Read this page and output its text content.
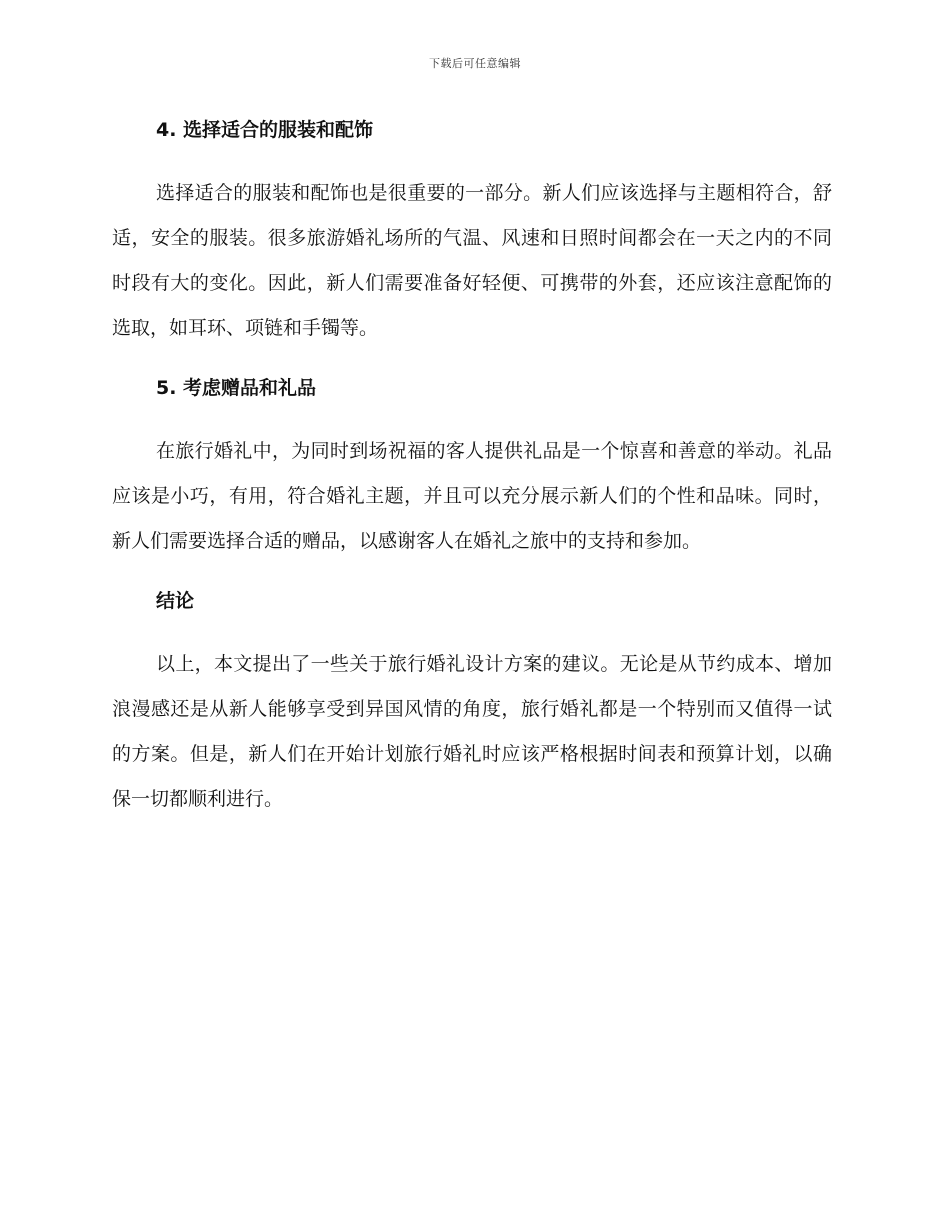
下载后可任意编辑
4. 选择适合的服装和配饰

选择适合的服装和配饰也是很重要的一部分。新人们应该选择与主题相符合，舒适，安全的服装。很多旅游婚礼场所的气温、风速和日照时间都会在一天之内的不同时段有大的变化。因此，新人们需要准备好轻便、可携带的外套，还应该注意配饰的选取，如耳环、项链和手镯等。

5. 考虑赠品和礼品

在旅行婚礼中，为同时到场祝福的客人提供礼品是一个惊喜和善意的举动。礼品应该是小巧，有用，符合婚礼主题，并且可以充分展示新人们的个性和品味。同时，新人们需要选择合适的赠品，以感谢客人在婚礼之旅中的支持和参加。

结论

以上，本文提出了一些关于旅行婚礼设计方案的建议。无论是从节约成本、增加浪漫感还是从新人能够享受到异国风情的角度，旅行婚礼都是一个特别而又值得一试的方案。但是，新人们在开始计划旅行婚礼时应该严格根据时间表和预算计划，以确保一切都顺利进行。
